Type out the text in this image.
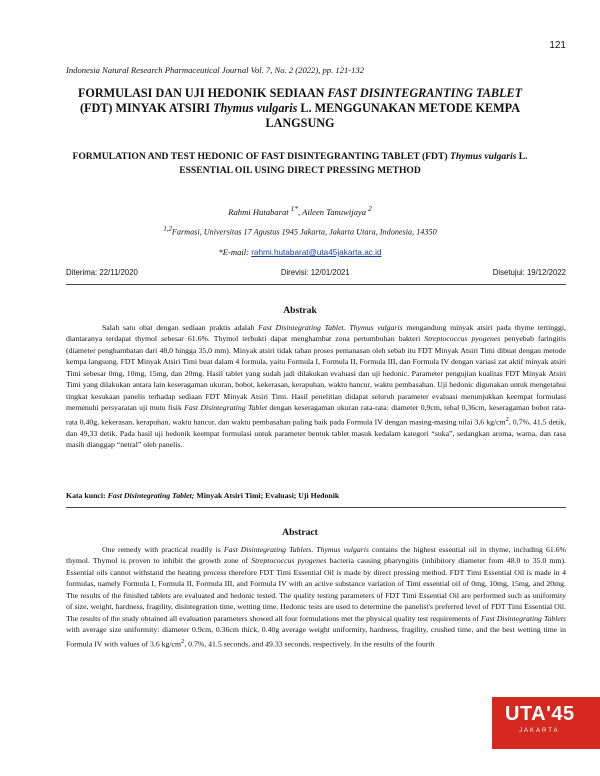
121
Indonesia Natural Research Pharmaceutical Journal Vol. 7, No. 2 (2022), pp. 121-132
FORMULASI DAN UJI HEDONIK SEDIAAN FAST DISINTEGRANTING TABLET (FDT) MINYAK ATSIRI Thymus vulgaris L. MENGGUNAKAN METODE KEMPA LANGSUNG
FORMULATION AND TEST HEDONIC OF FAST DISINTEGRANTING TABLET (FDT) Thymus vulgaris L. ESSENTIAL OIL USING DIRECT PRESSING METHOD
Rahmi Hutabarat $^{1*}$, Aileen Tanuwijaya $^2$
$^{1,2}$Farmasi, Universitas 17 Agustus 1945 Jakarta, Jakarta Utara, Indonesia, 14350
*E-mail: rahmi.hutabarat@uta45jakarta.ac.id
Diterima: 22/11/2020	Direvisi: 12/01/2021	Disetujui: 19/12/2022
Abstrak
Salah satu obat dengan sediaan praktis adalah Fast Disintegrating Tablet. Thymus vulgaris mengandung minyak atsiri pada thyme tertinggi, diantaranya terdapat thymol sebesar 61.6%. Thymol terbukti dapat menghambat zona pertumbuhan bakteri Streptococcus pyogenes penyebab faringitis (diameter penghambatan dari 48,0 hingga 35,0 mm). Minyak atsiri tidak tahan proses pemanasan oleh sebab itu FDT Minyak Atsiri Timi dibuat dengan metode kempa langsung. FDT Minyak Atsiri Timi buat dalam 4 formula, yaitu Formula I, Formula II, Formula III, dan Formula IV dengan variasi zat aktif minyak atsiri Timi sebesar 0mg, 10mg, 15mg, dan 20mg. Hasil tablet yang sudah jadi dilakukan evaluasi dan uji hedonic. Parameter pengujian kualitas FDT Minyak Atsiri Timi yang dilakukan antara lain keseragaman ukuran, bobot, kekerasan, kerapuhan, waktu hancur, waktu pembasahan. Uji hedonic digunakan untuk mengetahui tingkat kesukaan panelis terhadap sediaan FDT Minyak Atsiri Timi. Hasil penelitian didapat seluruh parameter evaluasi menunjukkan keempat formulasi memenuhi persyaratan uji mutu fisik Fast Disintegrating Tablet dengan keseragaman ukuran rata-rata: diameter 0,9cm, tebal 0,36cm, keseragaman bobot rata-rata 0,40g, kekerasan, kerapuhan, waktu hancur, dan waktu pembasahan paling baik pada Formula IV dengan masing-masing nilai 3,6 $kg/cm^2$, 0,7%, 41,5 detik, dan 49,33 detik. Pada hasil uji hedonik keempat formulasi untuk parameter bentuk tablet masuk kedalam kategori “suka”, sedangkan aroma, warna, dan rasa masih dianggap “netral” oleh panelis.
Kata kunci: Fast Disintegrating Tablet; Minyak Atsiri Timi; Evaluasi; Uji Hedonik
Abstract
One remedy with practical readily is Fast Disintegrating Tablets. Thymus vulgaris contains the highest essential oil in thyme, including 61.6% thymol. Thymol is proven to inhibit the growth zone of Streptococcus pyogenes bacteria causing pharyngitis (inhibitory diameter from 48.0 to 35.0 mm). Essential oils cannot withstand the heating process therefore FDT Timi Essential Oil is made by direct pressing method. FDT Timi Essential Oil is made in 4 formulas, namely Formula I, Formula II, Formula III, and Formula IV with an active substance variation of Timi essential oil of 0mg, 10mg, 15mg, and 20mg. The results of the finished tablets are evaluated and hedonic tested. The quality testing parameters of FDT Timi Essential Oil are performed such as uniformity of size, weight, hardness, fragility, disintegration time, wetting time. Hedonic tests are used to determine the panelist's preferred level of FDT Timi Essential Oil. The results of the study obtained all evaluation parameters showed all four formulations met the physical quality test requirements of Fast Disintegrating Tablets with average size uniformity: diameter 0.9cm, 0.36cm thick, 0.40g average weight uniformity, hardness, fragility, crushed time, and the best wetting time in Formula IV with values of 3.6 $kg/cm^2$, 0.7%, 41.5 seconds, and 49.33 seconds, respectively. In the results of the fourth
UTA'45
JAKARTA
